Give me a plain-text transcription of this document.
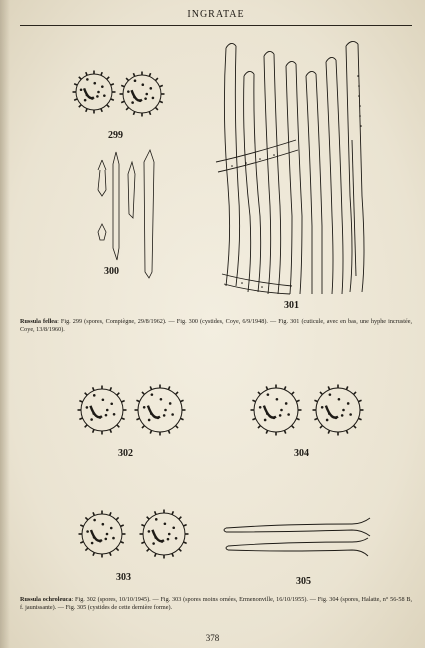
INGRATAE
299
300
301
Russula fellea: Fig. 299 (spores, Compiègne, 29/8/1962). — Fig. 300 (cystides, Coye, 6/9/1948). — Fig. 301 (cuticule, avec en bas, une hyphe incrustée, Coye, 13/8/1960).
302	304
303	305
Russula ochroleuca: Fig. 302 (spores, 10/10/1945). — Fig. 303 (spores moins ornées, Ermenonville, 16/10/1955). — Fig. 304 (spores, Halatte, n° 56-58 B, f. jaunissante). — Fig. 305 (cystides de cette dernière forme).
378
